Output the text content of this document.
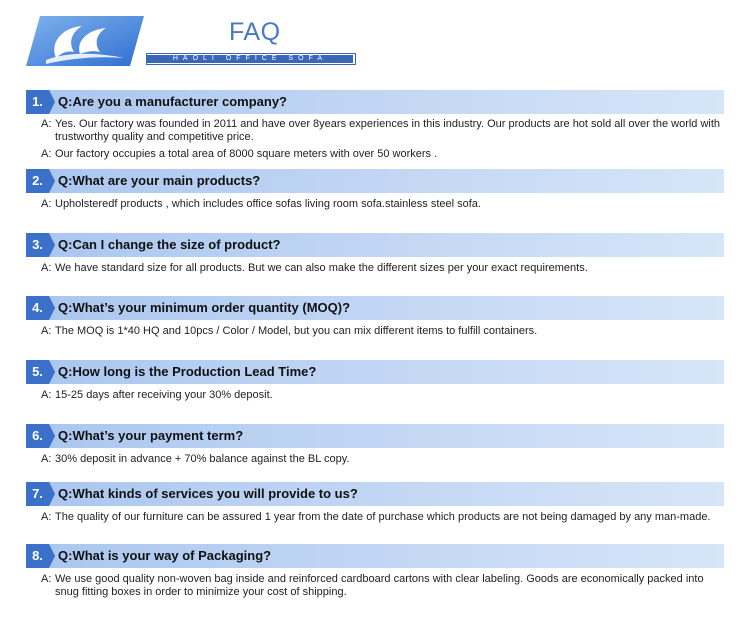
FAQ
HAOLI OFFICE SOFA
1.	Q:Are you a manufacturer company?
A: Yes. Our factory was founded in 2011 and have over 8years experiences in this industry. Our products are hot sold all over the world with trustworthy quality and competitive price.
A: Our factory occupies a total area of 8000 square meters with over 50 workers .
2.	Q:What are your main products?
A: Upholsteredf products , which includes office sofas living room sofa.stainless steel sofa.
3.	Q:Can I change the size of product?
A: We have standard size for all products. But we can also make the different sizes per your exact requirements.
4.	Q:What’s your minimum order quantity (MOQ)?
A: The MOQ is 1*40 HQ and 10pcs / Color / Model, but you can mix different items to fulfill containers.
5.	Q:How long is the Production Lead Time?
A: 15-25 days after receiving your 30% deposit.
6.	Q:What’s your payment term?
A: 30% deposit in advance + 70% balance against the BL copy.
7.	Q:What kinds of services you will provide to us?
A: The quality of our furniture can be assured 1 year from the date of purchase which products are not being damaged by any man-made.
8.	Q:What is your way of Packaging?
A: We use good quality non-woven bag inside and reinforced cardboard cartons with clear labeling. Goods are economically packed into snug fitting boxes in order to minimize your cost of shipping.
